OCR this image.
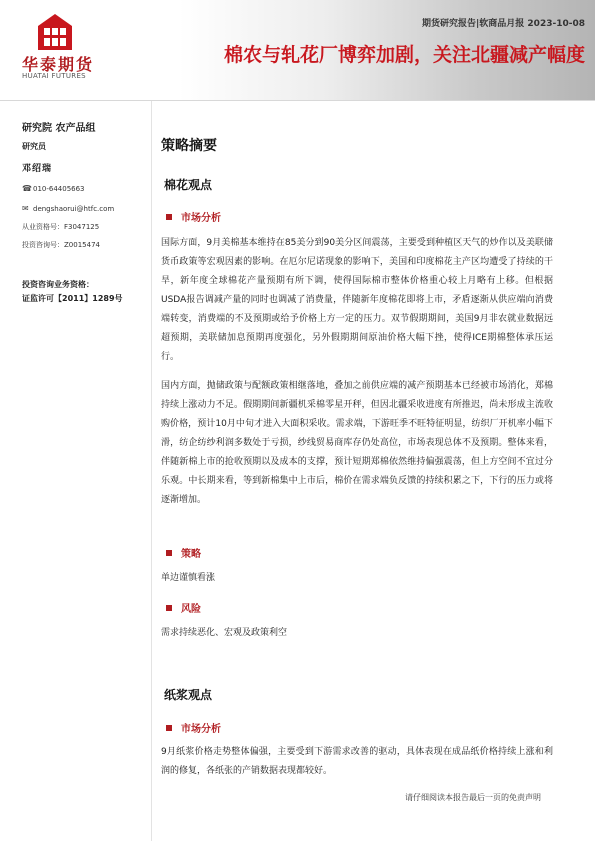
华泰期货
HUATAI FUTURES
期货研究报告|软商品月报 2023-10-08
棉农与轧花厂博弈加剧，关注北疆减产幅度
研究院 农产品组
研究员
邓绍瑞
☎010-64405663
✉ dengshaorui@htfc.com
从业资格号：F3047125
投资咨询号：Z0015474
投资咨询业务资格：
证监许可【2011】1289号
策略摘要
棉花观点
市场分析
国际方面，9月美棉基本维持在85美分到90美分区间震荡，主要受到种植区天气的炒作以及美联储货币政策等宏观因素的影响。在厄尔尼诺现象的影响下，美国和印度棉花主产区均遭受了持续的干旱，新年度全球棉花产量预期有所下调，使得国际棉市整体价格重心较上月略有上移。但根据USDA报告调减产量的同时也调减了消费量，伴随新年度棉花即将上市，矛盾逐渐从供应端向消费端转变，消费端的不及预期或给予价格上方一定的压力。双节假期期间，美国9月非农就业数据远超预期，美联储加息预期再度强化，另外假期期间原油价格大幅下挫，使得ICE期棉整体承压运行。
国内方面，抛储政策与配额政策相继落地，叠加之前供应端的减产预期基本已经被市场消化，郑棉持续上涨动力不足。假期期间新疆机采棉零星开秤，但因北疆采收进度有所推迟，尚未形成主流收购价格，预计10月中旬才进入大面积采收。需求端，下游旺季不旺特征明显，纺织厂开机率小幅下滑，纺企纺纱利润多数处于亏损，纱线贸易商库存仍处高位，市场表现总体不及预期。整体来看，伴随新棉上市的抢收预期以及成本的支撑，预计短期郑棉依然维持偏强震荡，但上方空间不宜过分乐观。中长期来看，等到新棉集中上市后，棉价在需求端负反馈的持续积累之下，下行的压力或将逐渐增加。
策略
单边谨慎看涨
风险
需求持续恶化、宏观及政策利空
纸浆观点
市场分析
9月纸浆价格走势整体偏强，主要受到下游需求改善的驱动，具体表现在成品纸价格持续上涨和利润的修复，各纸张的产销数据表现都较好。
请仔细阅读本报告最后一页的免责声明
